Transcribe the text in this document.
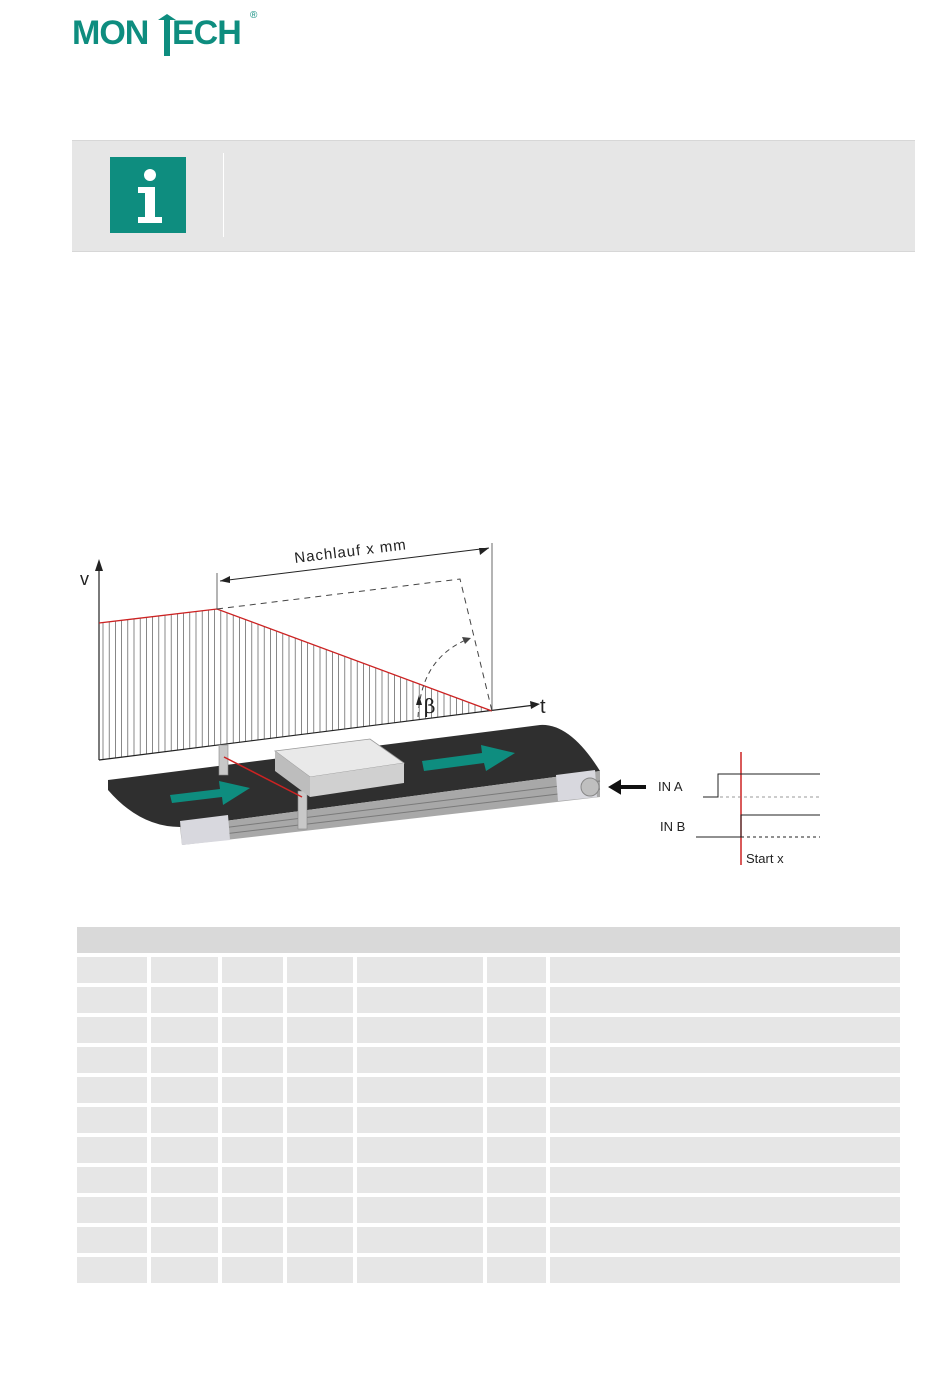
MON ECH ®
v
t
Nachlauf x mm
β
IN A
IN B
Start x
